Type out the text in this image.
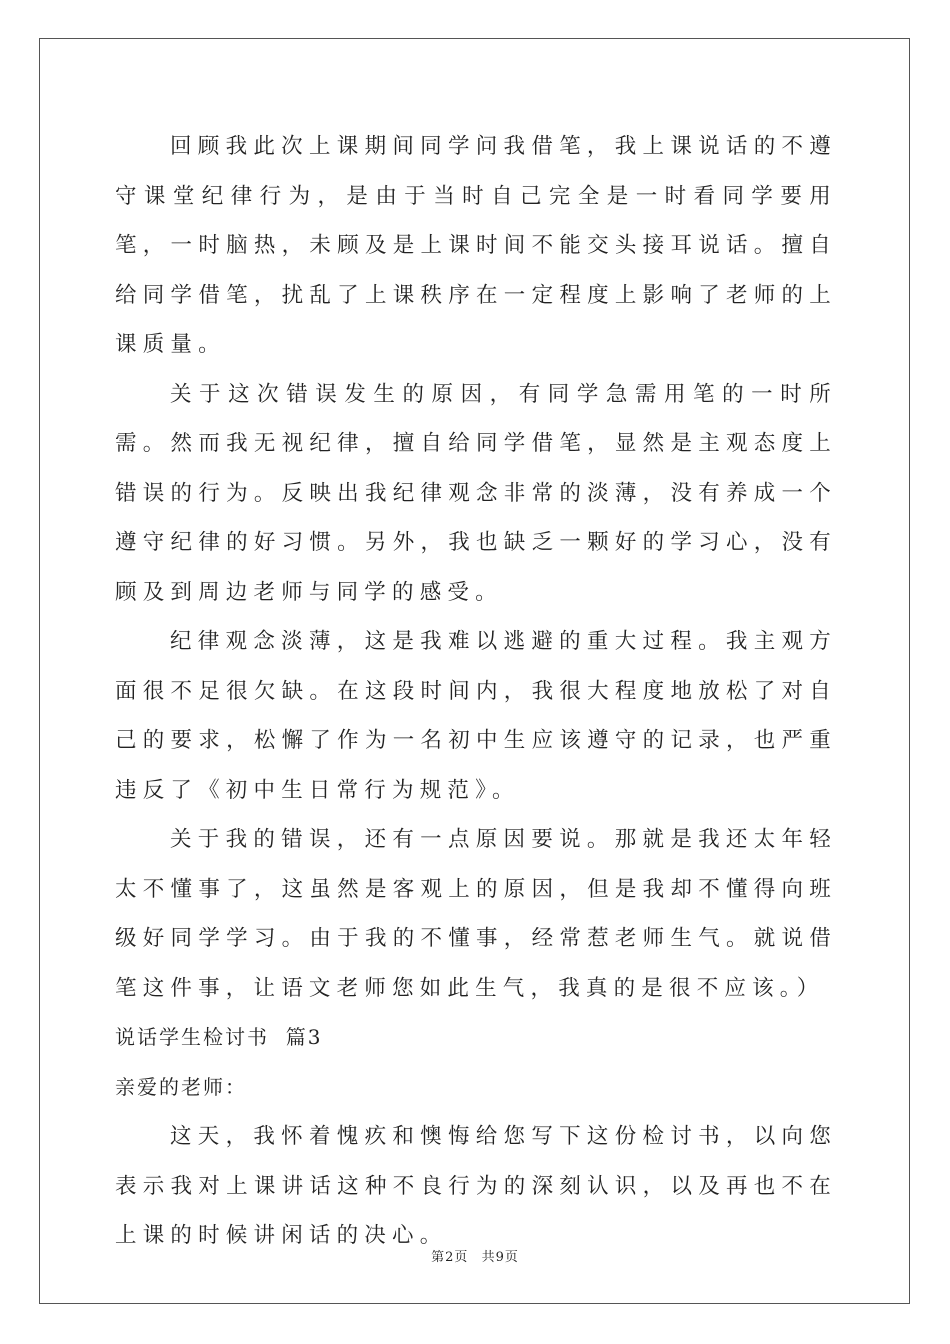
回顾我此次上课期间同学问我借笔，我上课说话的不遵守课堂纪律行为，是由于当时自己完全是一时看同学要用笔，一时脑热，未顾及是上课时间不能交头接耳说话。擅自给同学借笔，扰乱了上课秩序在一定程度上影响了老师的上课质量。

关于这次错误发生的原因，有同学急需用笔的一时所需。然而我无视纪律，擅自给同学借笔，显然是主观态度上错误的行为。反映出我纪律观念非常的淡薄，没有养成一个遵守纪律的好习惯。另外，我也缺乏一颗好的学习心，没有顾及到周边老师与同学的感受。

纪律观念淡薄，这是我难以逃避的重大过程。我主观方面很不足很欠缺。在这段时间内，我很大程度地放松了对自己的要求，松懈了作为一名初中生应该遵守的记录，也严重违反了《初中生日常行为规范》。

关于我的错误，还有一点原因要说。那就是我还太年轻太不懂事了，这虽然是客观上的原因，但是我却不懂得向班级好同学学习。由于我的不懂事，经常惹老师生气。就说借笔这件事，让语文老师您如此生气，我真的是很不应该。）

说话学生检讨书  篇3

亲爱的老师：

这天，我怀着愧疚和懊悔给您写下这份检讨书，以向您表示我对上课讲话这种不良行为的深刻认识，以及再也不在上课的时候讲闲话的决心。

第2页 共9页
